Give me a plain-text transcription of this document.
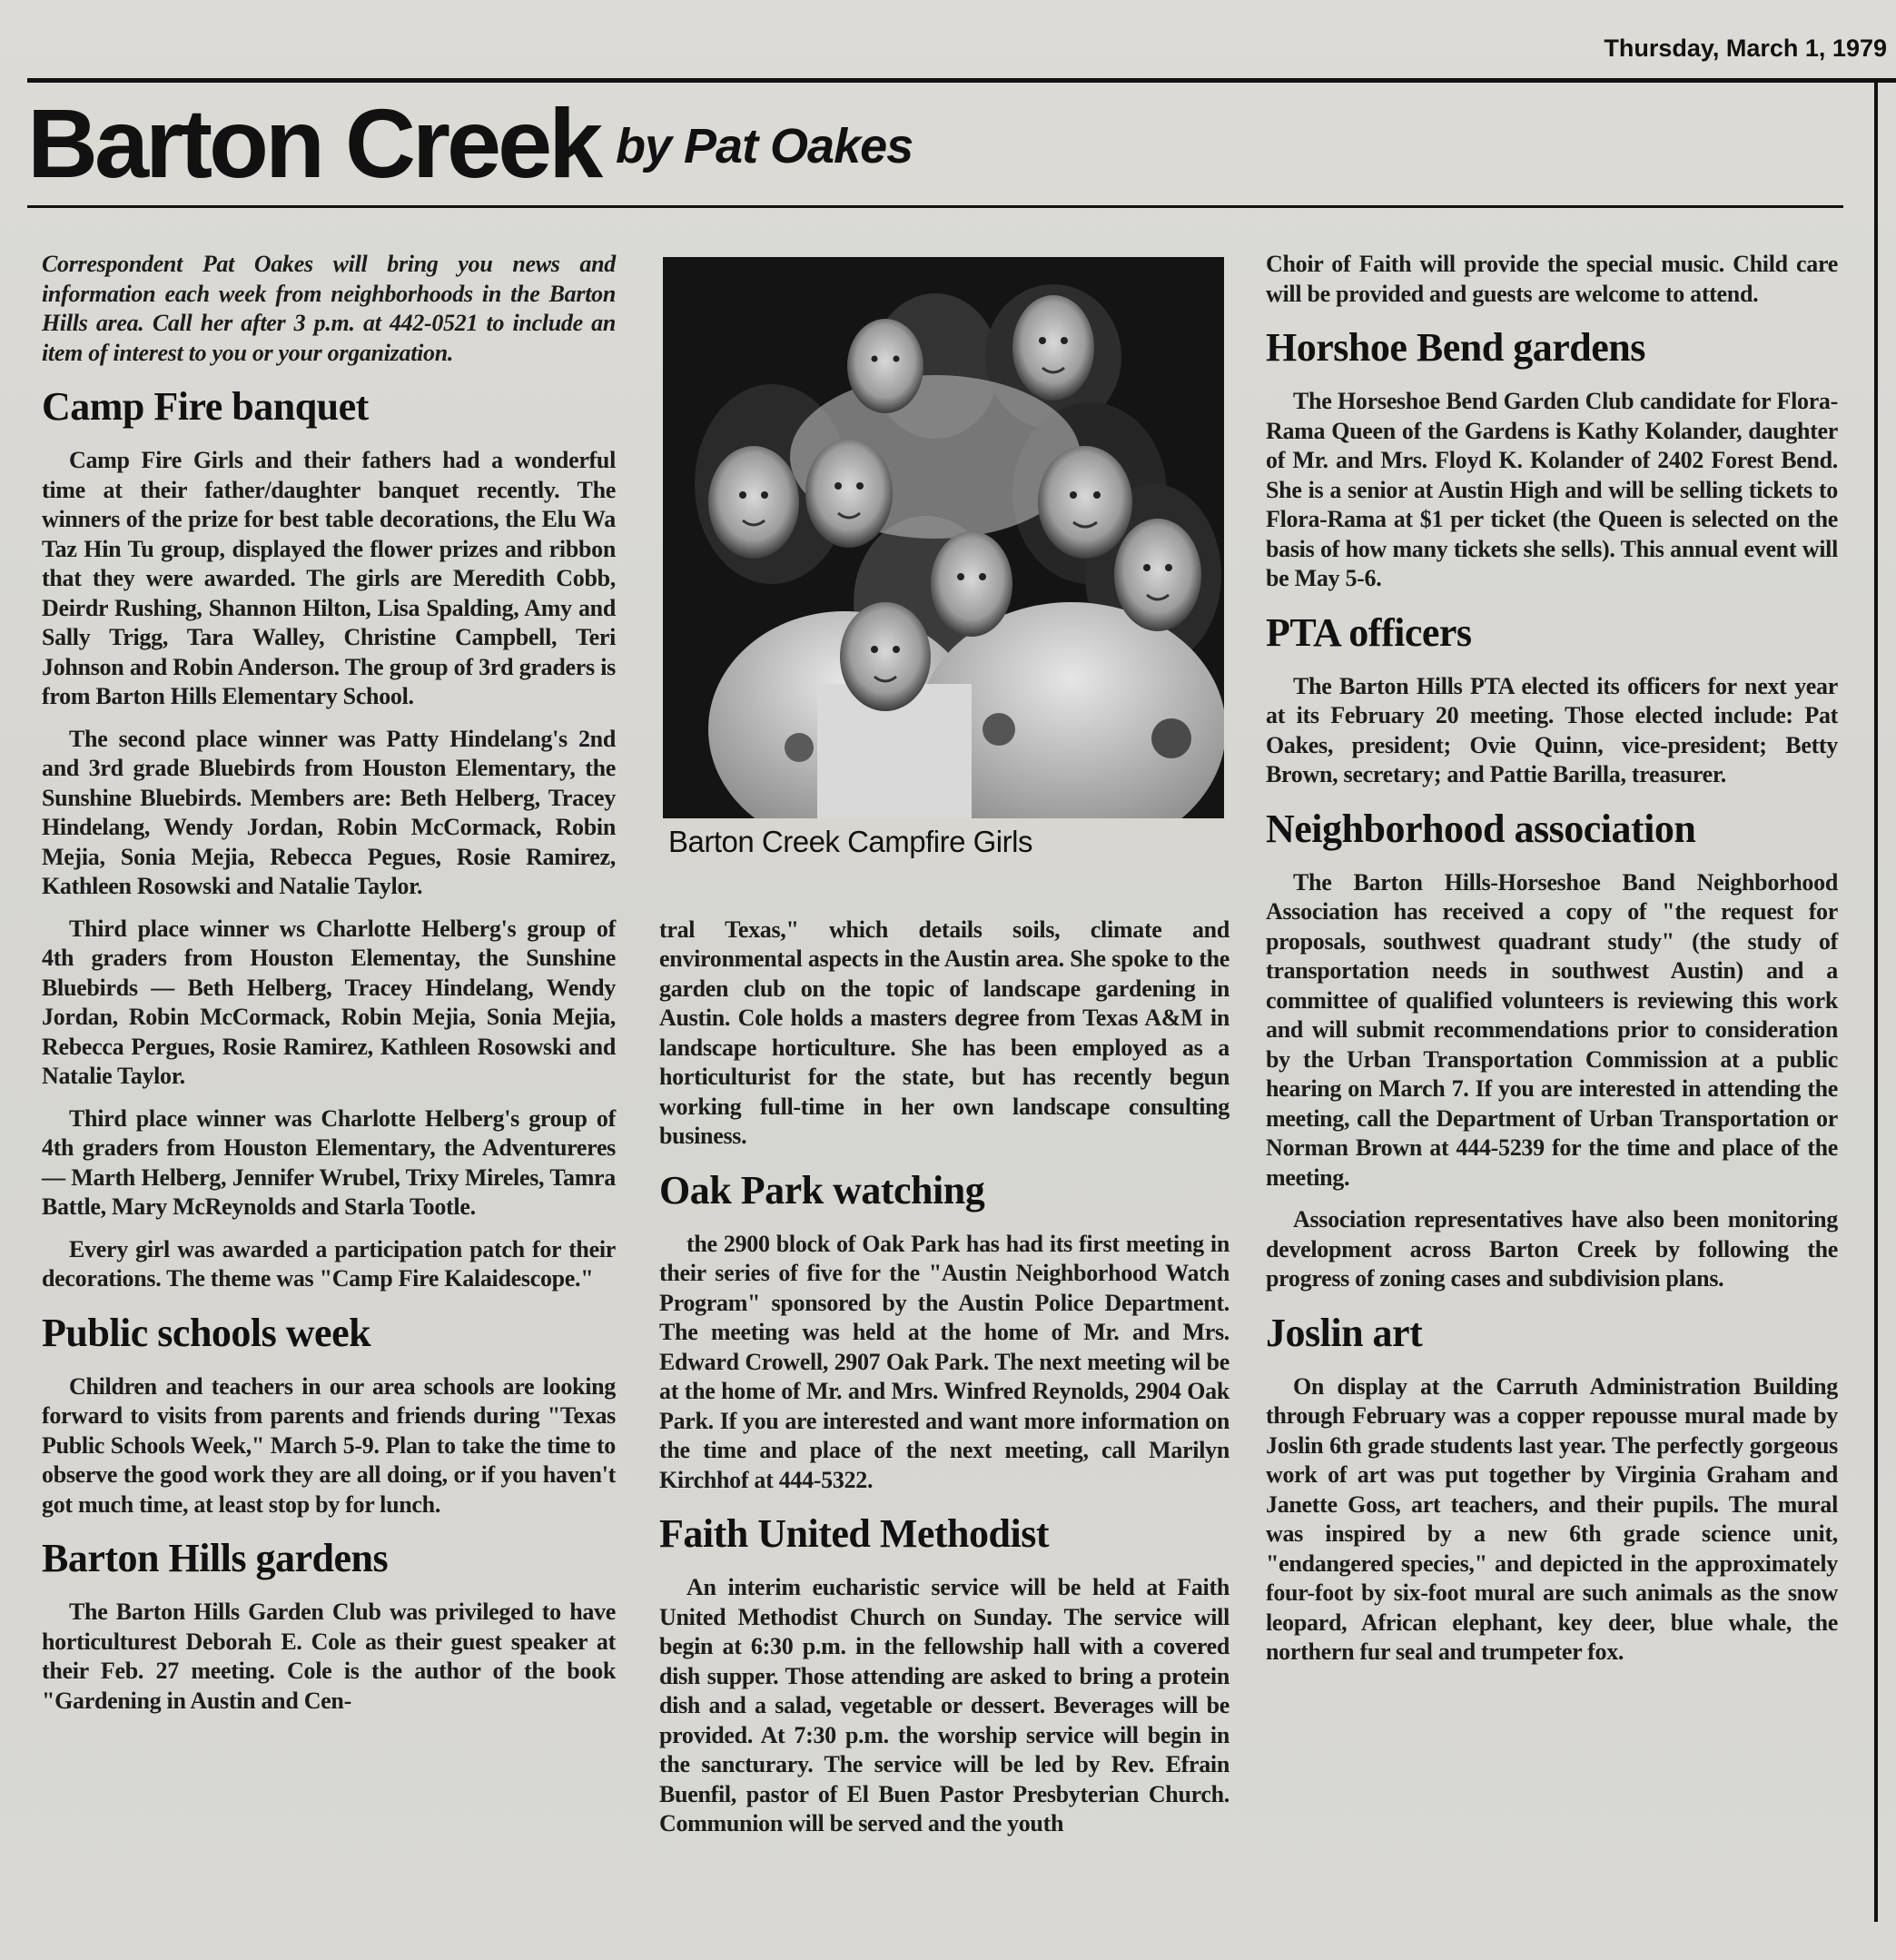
Thursday, March 1, 1979
Barton Creek by Pat Oakes

Correspondent Pat Oakes will bring you news and information each week from neighborhoods in the Barton Hills area. Call her after 3 p.m. at 442-0521 to include an item of interest to you or your organization.

Camp Fire banquet

Camp Fire Girls and their fathers had a wonderful time at their father/daughter banquet recently. The winners of the prize for best table decorations, the Elu Wa Taz Hin Tu group, displayed the flower prizes and ribbon that they were awarded. The girls are Meredith Cobb, Deirdr Rushing, Shannon Hilton, Lisa Spalding, Amy and Sally Trigg, Tara Walley, Christine Campbell, Teri Johnson and Robin Anderson. The group of 3rd graders is from Barton Hills Elementary School.

The second place winner was Patty Hindelang's 2nd and 3rd grade Bluebirds from Houston Elementary, the Sunshine Bluebirds. Members are: Beth Helberg, Tracey Hindelang, Wendy Jordan, Robin McCormack, Robin Mejia, Sonia Mejia, Rebecca Pegues, Rosie Ramirez, Kathleen Rosowski and Natalie Taylor.

Third place winner ws Charlotte Helberg's group of 4th graders from Houston Elementay, the Sunshine Bluebirds — Beth Helberg, Tracey Hindelang, Wendy Jordan, Robin McCormack, Robin Mejia, Sonia Mejia, Rebecca Pergues, Rosie Ramirez, Kathleen Rosowski and Natalie Taylor.

Third place winner was Charlotte Helberg's group of 4th graders from Houston Elementary, the Adventureres — Marth Helberg, Jennifer Wrubel, Trixy Mireles, Tamra Battle, Mary McReynolds and Starla Tootle.

Every girl was awarded a participation patch for their decorations. The theme was "Camp Fire Kalaidescope."

Public schools week

Children and teachers in our area schools are looking forward to visits from parents and friends during "Texas Public Schools Week," March 5-9. Plan to take the time to observe the good work they are all doing, or if you haven't got much time, at least stop by for lunch.

Barton Hills gardens

The Barton Hills Garden Club was privileged to have horticulturest Deborah E. Cole as their guest speaker at their Feb. 27 meeting. Cole is the author of the book "Gardening in Austin and Cen-

Barton Creek Campfire Girls

tral Texas," which details soils, climate and environmental aspects in the Austin area. She spoke to the garden club on the topic of landscape gardening in Austin. Cole holds a masters degree from Texas A&M in landscape horticulture. She has been employed as a horticulturist for the state, but has recently begun working full-time in her own landscape consulting business.

Oak Park watching

the 2900 block of Oak Park has had its first meeting in their series of five for the "Austin Neighborhood Watch Program" sponsored by the Austin Police Department. The meeting was held at the home of Mr. and Mrs. Edward Crowell, 2907 Oak Park. The next meeting wil be at the home of Mr. and Mrs. Winfred Reynolds, 2904 Oak Park. If you are interested and want more information on the time and place of the next meeting, call Marilyn Kirchhof at 444-5322.

Faith United Methodist

An interim eucharistic service will be held at Faith United Methodist Church on Sunday. The service will begin at 6:30 p.m. in the fellowship hall with a covered dish supper. Those attending are asked to bring a protein dish and a salad, vegetable or dessert. Beverages will be provided. At 7:30 p.m. the worship service will begin in the sancturary. The service will be led by Rev. Efrain Buenfil, pastor of El Buen Pastor Presbyterian Church. Communion will be served and the youth

Choir of Faith will provide the special music. Child care will be provided and guests are welcome to attend.

Horshoe Bend gardens

The Horseshoe Bend Garden Club candidate for Flora-Rama Queen of the Gardens is Kathy Kolander, daughter of Mr. and Mrs. Floyd K. Kolander of 2402 Forest Bend. She is a senior at Austin High and will be selling tickets to Flora-Rama at $1 per ticket (the Queen is selected on the basis of how many tickets she sells). This annual event will be May 5-6.

PTA officers

The Barton Hills PTA elected its officers for next year at its February 20 meeting. Those elected include: Pat Oakes, president; Ovie Quinn, vice-president; Betty Brown, secretary; and Pattie Barilla, treasurer.

Neighborhood association

The Barton Hills-Horseshoe Band Neighborhood Association has received a copy of "the request for proposals, southwest quadrant study" (the study of transportation needs in southwest Austin) and a committee of qualified volunteers is reviewing this work and will submit recommendations prior to consideration by the Urban Transportation Commission at a public hearing on March 7. If you are interested in attending the meeting, call the Department of Urban Transportation or Norman Brown at 444-5239 for the time and place of the meeting.

Association representatives have also been monitoring development across Barton Creek by following the progress of zoning cases and subdivision plans.

Joslin art

On display at the Carruth Administration Building through February was a copper repousse mural made by Joslin 6th grade students last year. The perfectly gorgeous work of art was put together by Virginia Graham and Janette Goss, art teachers, and their pupils. The mural was inspired by a new 6th grade science unit, "endangered species," and depicted in the approximately four-foot by six-foot mural are such animals as the snow leopard, African elephant, key deer, blue whale, the northern fur seal and trumpeter fox.
